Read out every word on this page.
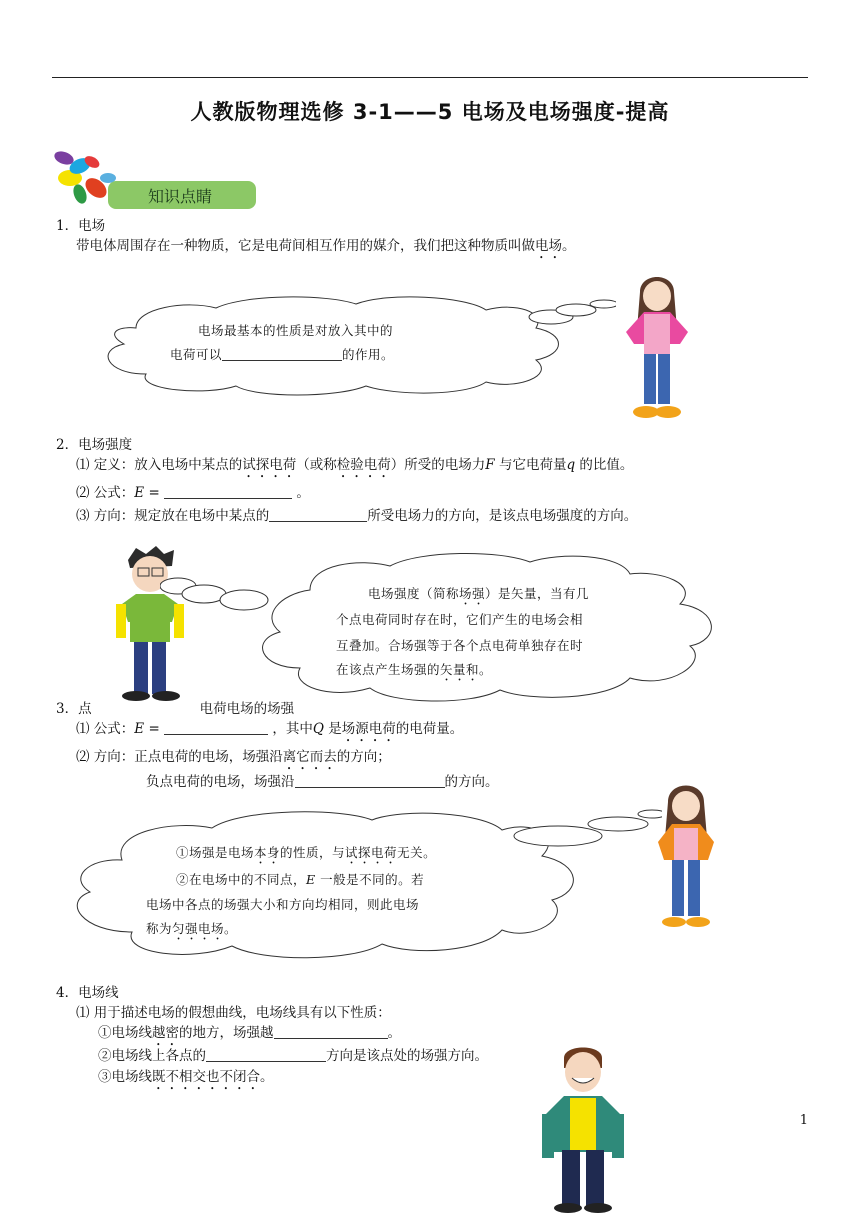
人教版物理选修 3-1——5 电场及电场强度-提高
知识点睛
1．电场
带电体周围存在一种物质，它是电荷间相互作用的媒介，我们把这种物质叫做电场。
电场最基本的性质是对放入其中的
电荷可以	的作用。
2．电场强度
⑴ 定义：放入电场中某点的试探电荷（或称检验电荷）所受的电场力F 与它电荷量q 的比值。
⑵ 公式：E =	。
⑶ 方向：规定放在电场中某点的	所受电场力的方向，是该点电场强度的方向。
电场强度（简称场强）是矢量，当有几
个点电荷同时存在时，它们产生的电场会相
互叠加。合场强等于各个点电荷单独存在时
在该点产生场强的矢量和。
3．点	电荷电场的场强
⑴ 公式：E =	，其中Q 是场源电荷的电荷量。
⑵ 方向：正点电荷的电场，场强沿离它而去的方向；
负点电荷的电场，场强沿	的方向。
①场强是电场本身的性质，与试探电荷无关。
②在电场中的不同点，E 一般是不同的。若
电场中各点的场强大小和方向均相同，则此电场
称为匀强电场。
4．电场线
⑴ 用于描述电场的假想曲线，电场线具有以下性质：
①电场线越密的地方，场强越	。
②电场线上各点的	方向是该点处的场强方向。
③电场线既不相交也不闭合。
1
